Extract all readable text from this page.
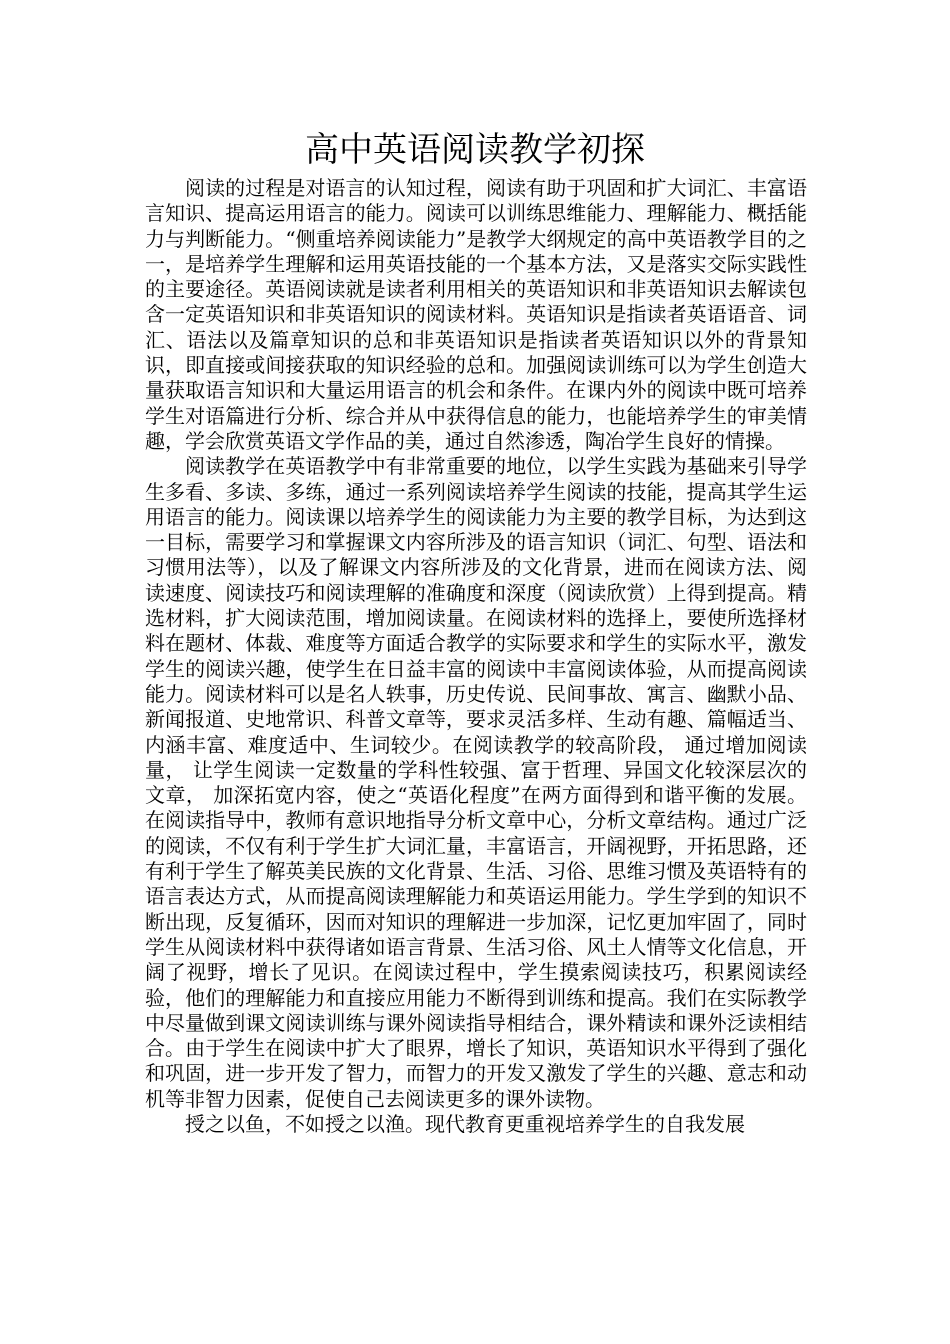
高中英语阅读教学初探

阅读的过程是对语言的认知过程，阅读有助于巩固和扩大词汇、丰富语言知识、提高运用语言的能力。阅读可以训练思维能力、理解能力、概括能力与判断能力。“侧重培养阅读能力”是教学大纲规定的高中英语教学目的之一，是培养学生理解和运用英语技能的一个基本方法，又是落实交际实践性的主要途径。英语阅读就是读者利用相关的英语知识和非英语知识去解读包含一定英语知识和非英语知识的阅读材料。英语知识是指读者英语语音、词汇、语法以及篇章知识的总和非英语知识是指读者英语知识以外的背景知识，即直接或间接获取的知识经验的总和。加强阅读训练可以为学生创造大量获取语言知识和大量运用语言的机会和条件。在课内外的阅读中既可培养学生对语篇进行分析、综合并从中获得信息的能力，也能培养学生的审美情趣，学会欣赏英语文学作品的美，通过自然渗透，陶冶学生良好的情操。

阅读教学在英语教学中有非常重要的地位，以学生实践为基础来引导学生多看、多读、多练，通过一系列阅读培养学生阅读的技能，提高其学生运用语言的能力。阅读课以培养学生的阅读能力为主要的教学目标，为达到这一目标，需要学习和掌握课文内容所涉及的语言知识（词汇、句型、语法和习惯用法等），以及了解课文内容所涉及的文化背景，进而在阅读方法、阅读速度、阅读技巧和阅读理解的准确度和深度（阅读欣赏）上得到提高。精选材料，扩大阅读范围，增加阅读量。在阅读材料的选择上，要使所选择材料在题材、体裁、难度等方面适合教学的实际要求和学生的实际水平，激发学生的阅读兴趣，使学生在日益丰富的阅读中丰富阅读体验，从而提高阅读能力。阅读材料可以是名人轶事，历史传说、民间事故、寓言、幽默小品、新闻报道、史地常识、科普文章等，要求灵活多样、生动有趣、篇幅适当、内涵丰富、难度适中、生词较少。在阅读教学的较高阶段， 通过增加阅读量， 让学生阅读一定数量的学科性较强、富于哲理、异国文化较深层次的文章， 加深拓宽内容，使之“英语化程度”在两方面得到和谐平衡的发展。在阅读指导中，教师有意识地指导分析文章中心，分析文章结构。通过广泛的阅读，不仅有利于学生扩大词汇量，丰富语言，开阔视野，开拓思路，还有利于学生了解英美民族的文化背景、生活、习俗、思维习惯及英语特有的语言表达方式，从而提高阅读理解能力和英语运用能力。学生学到的知识不断出现，反复循环，因而对知识的理解进一步加深，记忆更加牢固了，同时学生从阅读材料中获得诸如语言背景、生活习俗、风土人情等文化信息，开阔了视野，增长了见识。在阅读过程中，学生摸索阅读技巧，积累阅读经验，他们的理解能力和直接应用能力不断得到训练和提高。我们在实际教学中尽量做到课文阅读训练与课外阅读指导相结合，课外精读和课外泛读相结合。由于学生在阅读中扩大了眼界，增长了知识，英语知识水平得到了强化和巩固，进一步开发了智力，而智力的开发又激发了学生的兴趣、意志和动机等非智力因素，促使自己去阅读更多的课外读物。

授之以鱼，不如授之以渔。现代教育更重视培养学生的自我发展
